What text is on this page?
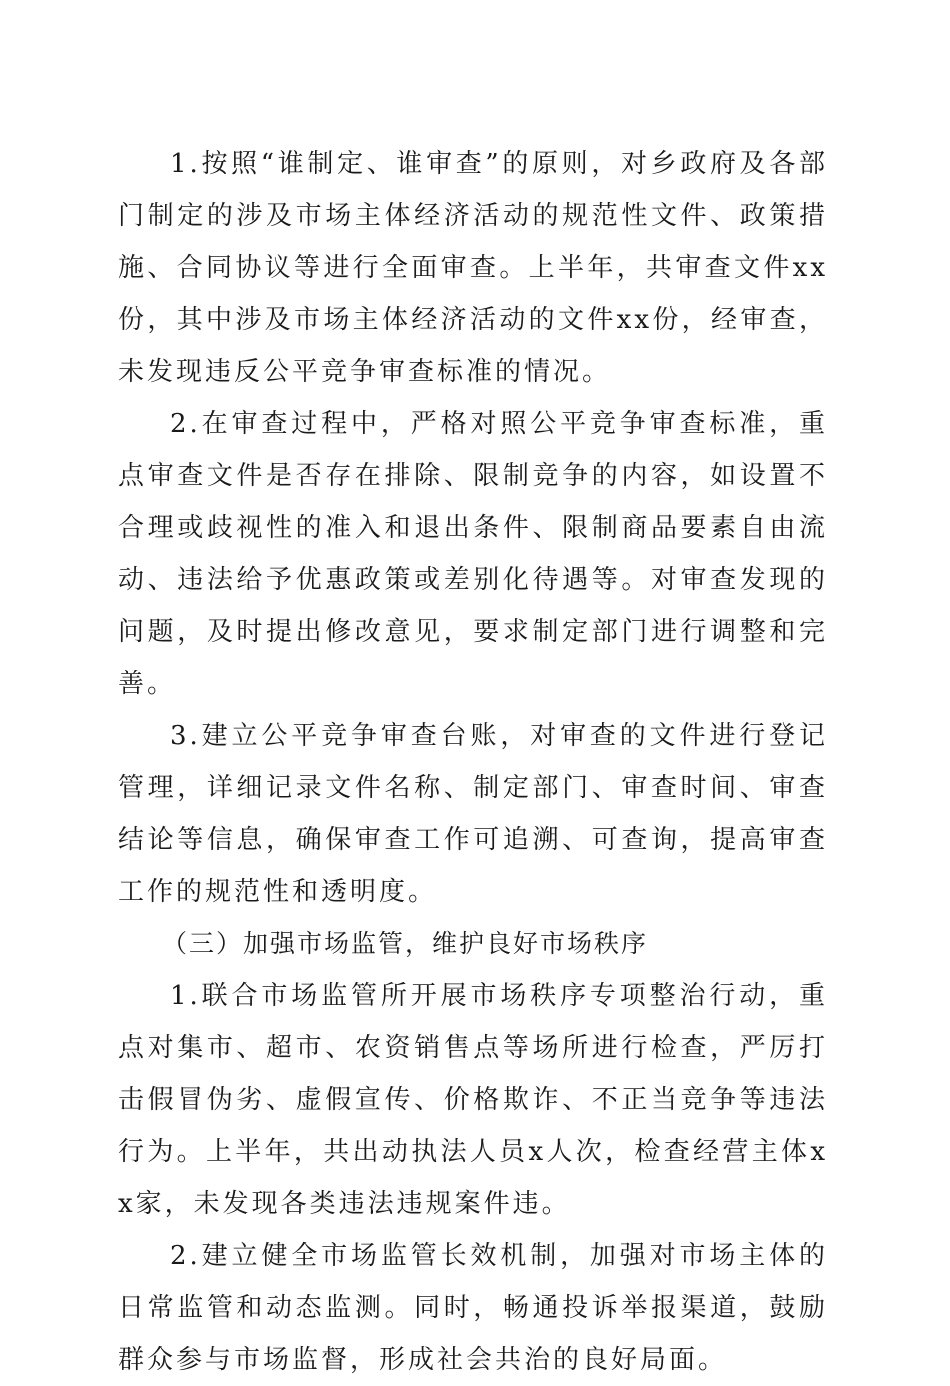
1.按照“谁制定、谁审查”的原则，对乡政府及各部门制定的涉及市场主体经济活动的规范性文件、政策措施、合同协议等进行全面审查。上半年，共审查文件xx份，其中涉及市场主体经济活动的文件xx份，经审查，未发现违反公平竞争审查标准的情况。

2.在审查过程中，严格对照公平竞争审查标准，重点审查文件是否存在排除、限制竞争的内容，如设置不合理或歧视性的准入和退出条件、限制商品要素自由流动、违法给予优惠政策或差别化待遇等。对审查发现的问题，及时提出修改意见，要求制定部门进行调整和完善。

3.建立公平竞争审查台账，对审查的文件进行登记管理，详细记录文件名称、制定部门、审查时间、审查结论等信息，确保审查工作可追溯、可查询，提高审查工作的规范性和透明度。

（三）加强市场监管，维护良好市场秩序

1.联合市场监管所开展市场秩序专项整治行动，重点对集市、超市、农资销售点等场所进行检查，严厉打击假冒伪劣、虚假宣传、价格欺诈、不正当竞争等违法行为。上半年，共出动执法人员x人次，检查经营主体xx家，未发现各类违法违规案件违。

2.建立健全市场监管长效机制，加强对市场主体的日常监管和动态监测。同时，畅通投诉举报渠道，鼓励群众参与市场监督，形成社会共治的良好局面。
